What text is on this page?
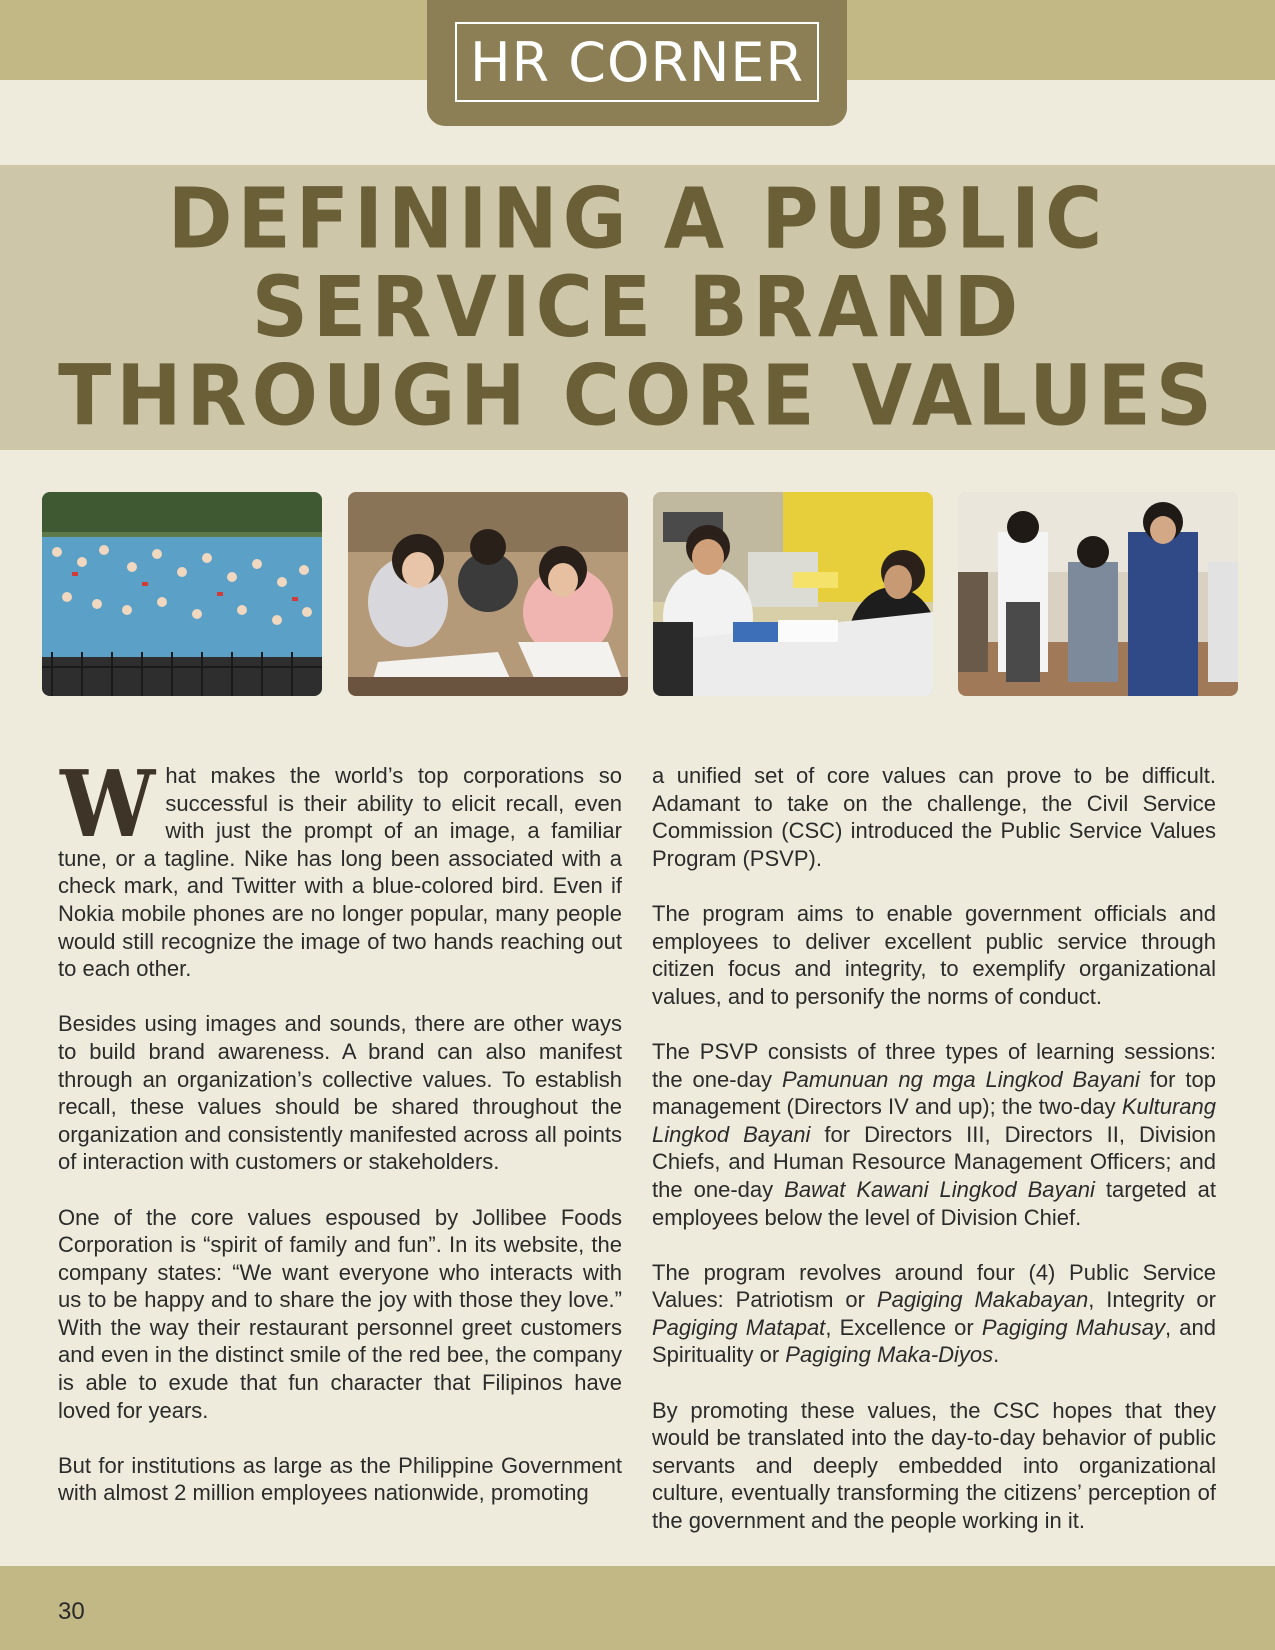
HR CORNER
DEFINING A PUBLIC
SERVICE BRAND
THROUGH CORE VALUES

What makes the world’s top corporations so successful is their ability to elicit recall, even with just the prompt of an image, a familiar tune, or a tagline. Nike has long been associated with a check mark, and Twitter with a blue-colored bird. Even if Nokia mobile phones are no longer popular, many people would still recognize the image of two hands reaching out to each other.

Besides using images and sounds, there are other ways to build brand awareness. A brand can also manifest through an organization’s collective values. To establish recall, these values should be shared throughout the organization and consistently manifested across all points of interaction with customers or stakeholders.

One of the core values espoused by Jollibee Foods Corporation is “spirit of family and fun”. In its website, the company states: “We want everyone who interacts with us to be happy and to share the joy with those they love.” With the way their restaurant personnel greet customers and even in the distinct smile of the red bee, the company is able to exude that fun character that Filipinos have loved for years.

But for institutions as large as the Philippine Government with almost 2 million employees nationwide, promoting

a unified set of core values can prove to be difficult. Adamant to take on the challenge, the Civil Service Commission (CSC) introduced the Public Service Values Program (PSVP).

The program aims to enable government officials and employees to deliver excellent public service through citizen focus and integrity, to exemplify organizational values, and to personify the norms of conduct.

The PSVP consists of three types of learning sessions: the one-day Pamunuan ng mga Lingkod Bayani for top management (Directors IV and up); the two-day Kulturang Lingkod Bayani for Directors III, Directors II, Division Chiefs, and Human Resource Management Officers; and the one-day Bawat Kawani Lingkod Bayani targeted at employees below the level of Division Chief.

The program revolves around four (4) Public Service Values: Patriotism or Pagiging Makabayan, Integrity or Pagiging Matapat, Excellence or Pagiging Mahusay, and Spirituality or Pagiging Maka-Diyos.

By promoting these values, the CSC hopes that they would be translated into the day-to-day behavior of public servants and deeply embedded into organizational culture, eventually transforming the citizens’ perception of the government and the people working in it.

30
